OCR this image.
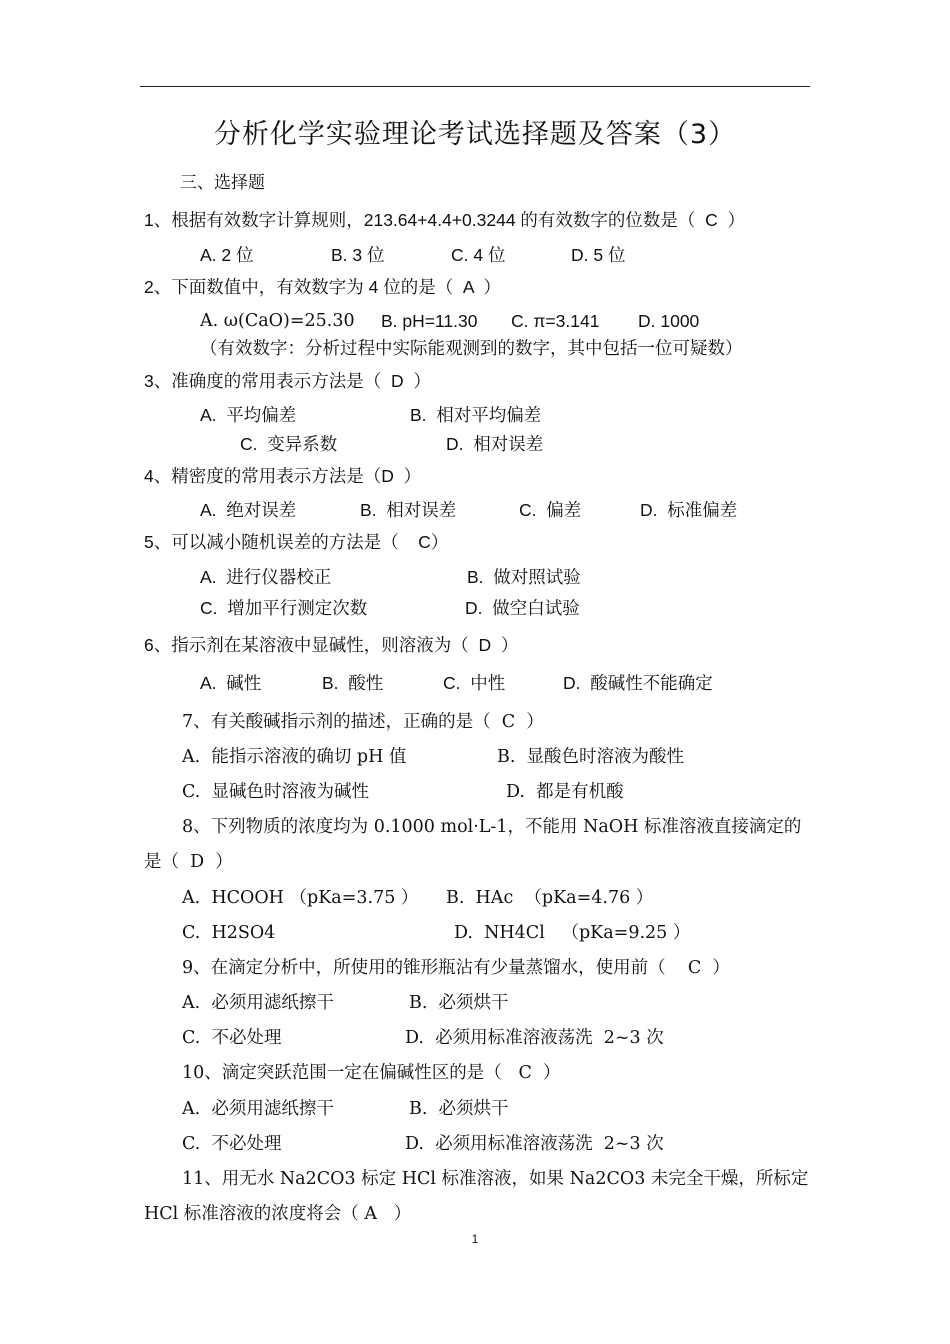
分析化学实验理论考试选择题及答案（3）
三、选择题
1、根据有效数字计算规则，213.64+4.4+0.3244 的有效数字的位数是（  C  ）
A. 2 位	B. 3 位	C. 4 位	D. 5 位
2、下面数值中，有效数字为 4 位的是（  A  ）
A. ω(CaO)=25.30 B. pH=11.30 C. π=3.141 D. 1000
（有效数字：分析过程中实际能观测到的数字，其中包括一位可疑数）
3、准确度的常用表示方法是（  D  ）
A.  平均偏差	B.  相对平均偏差
C.  变异系数	D.  相对误差
4、精密度的常用表示方法是（D  ）
A.  绝对误差	B.  相对误差	C.  偏差	D.  标准偏差
5、可以减小随机误差的方法是（    C）
A.  进行仪器校正	B.  做对照试验
C.  增加平行测定次数	D.  做空白试验
6、指示剂在某溶液中显碱性，则溶液为（  D  ）
A.  碱性	B.  酸性	C.  中性	D.  酸碱性不能确定
7、有关酸碱指示剂的描述，正确的是（  C  ）
A.  能指示溶液的确切 pH 值	B.  显酸色时溶液为酸性
C.  显碱色时溶液为碱性	D.  都是有机酸
8、下列物质的浓度均为 0.1000 mol·L-1，不能用 NaOH 标准溶液直接滴定的
是（  D  ）
A.  HCOOH （pKa=3.75 ） B.  HAc  （pKa=4.76 ）
C.  H2SO4	D.  NH4Cl   （pKa=9.25 ）
9、在滴定分析中，所使用的锥形瓶沾有少量蒸馏水，使用前（    C  ）
A.  必须用滤纸擦干	B.  必须烘干
C.  不必处理	D.  必须用标准溶液荡洗  2~3 次
10、滴定突跃范围一定在偏碱性区的是（   C  ）
A.  必须用滤纸擦干	B.  必须烘干
C.  不必处理	D.  必须用标准溶液荡洗  2~3 次
11、用无水 Na2CO3 标定 HCl 标准溶液，如果 Na2CO3 未完全干燥，所标定
HCl 标准溶液的浓度将会（ A   ）
1
